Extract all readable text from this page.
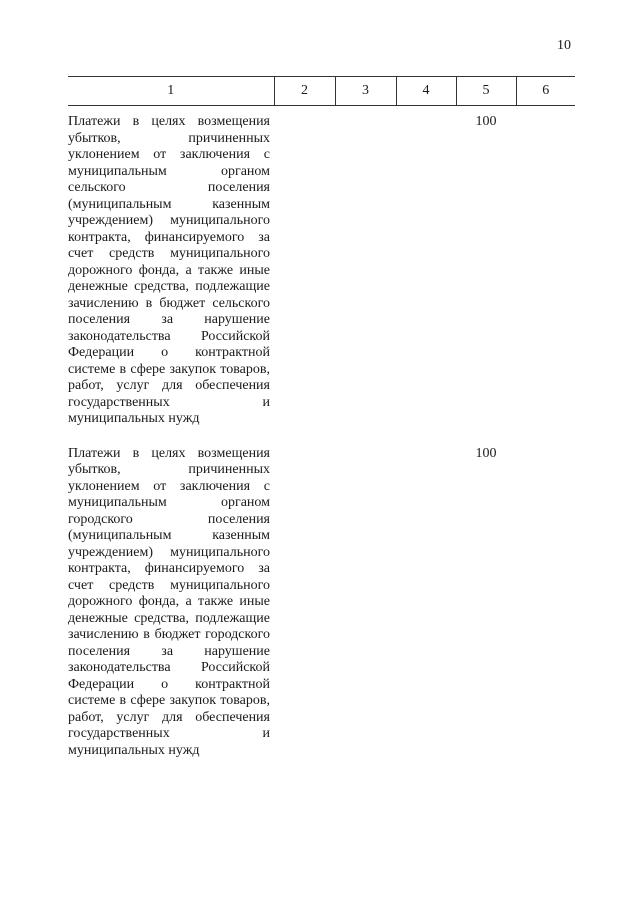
10
1	2	3	4	5	6
Платежи в целях возмещения убытков, причиненных уклонением от заключения с муниципальным органом сельского поселения (муниципальным казенным учреждением) муниципального контракта, финансируемого за счет средств муниципального дорожного фонда, а также иные денежные средства, подлежащие зачислению в бюджет сельского поселения за нарушение законодательства Российской Федерации о контрактной системе в сфере закупок товаров, работ, услуг для обеспечения государственных и муниципальных нужд				100	
Платежи в целях возмещения убытков, причиненных уклонением от заключения с муниципальным органом городского поселения (муниципальным казенным учреждением) муниципального контракта, финансируемого за счет средств муниципального дорожного фонда, а также иные денежные средства, подлежащие зачислению в бюджет городского поселения за нарушение законодательства Российской Федерации о контрактной системе в сфере закупок товаров, работ, услуг для обеспечения государственных и муниципальных нужд				100	
